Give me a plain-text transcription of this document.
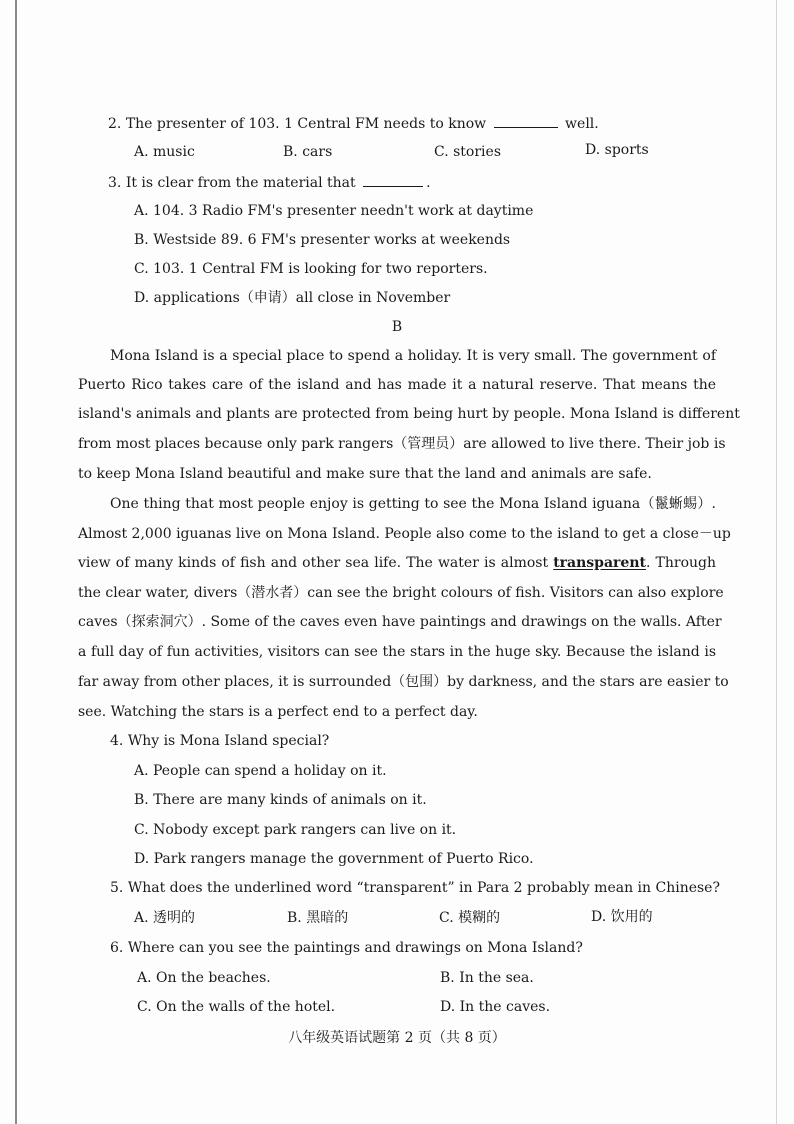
2. The presenter of 103. 1 Central FM needs to know	well.
A. music	B. cars	C. stories	D. sports
3. It is clear from the material that	.
A. 104. 3 Radio FM's presenter needn't work at daytime
B. Westside 89. 6 FM's presenter works at weekends
C. 103. 1 Central FM is looking for two reporters.
D. applications（申请）all close in November
B
Mona Island is a special place to spend a holiday. It is very small. The government of
Puerto Rico takes care of the island and has made it a natural reserve. That means the
island's animals and plants are protected from being hurt by people. Mona Island is different
from most places because only park rangers（管理员）are allowed to live there. Their job is
to keep Mona Island beautiful and make sure that the land and animals are safe.
One thing that most people enjoy is getting to see the Mona Island iguana（鬣蜥蜴）.
Almost 2,000 iguanas live on Mona Island. People also come to the island to get a close－up
view of many kinds of fish and other sea life. The water is almost transparent. Through
the clear water, divers（潜水者）can see the bright colours of fish. Visitors can also explore
caves（探索洞穴）. Some of the caves even have paintings and drawings on the walls. After
a full day of fun activities, visitors can see the stars in the huge sky. Because the island is
far away from other places, it is surrounded（包围）by darkness, and the stars are easier to
see. Watching the stars is a perfect end to a perfect day.
4. Why is Mona Island special?
A. People can spend a holiday on it.
B. There are many kinds of animals on it.
C. Nobody except park rangers can live on it.
D. Park rangers manage the government of Puerto Rico.
5. What does the underlined word “transparent” in Para 2 probably mean in Chinese?
A. 透明的	B. 黑暗的	C. 模糊的	D. 饮用的
6. Where can you see the paintings and drawings on Mona Island?
A. On the beaches.	B. In the sea.
C. On the walls of the hotel.	D. In the caves.
八年级英语试题第 2 页（共 8 页）
